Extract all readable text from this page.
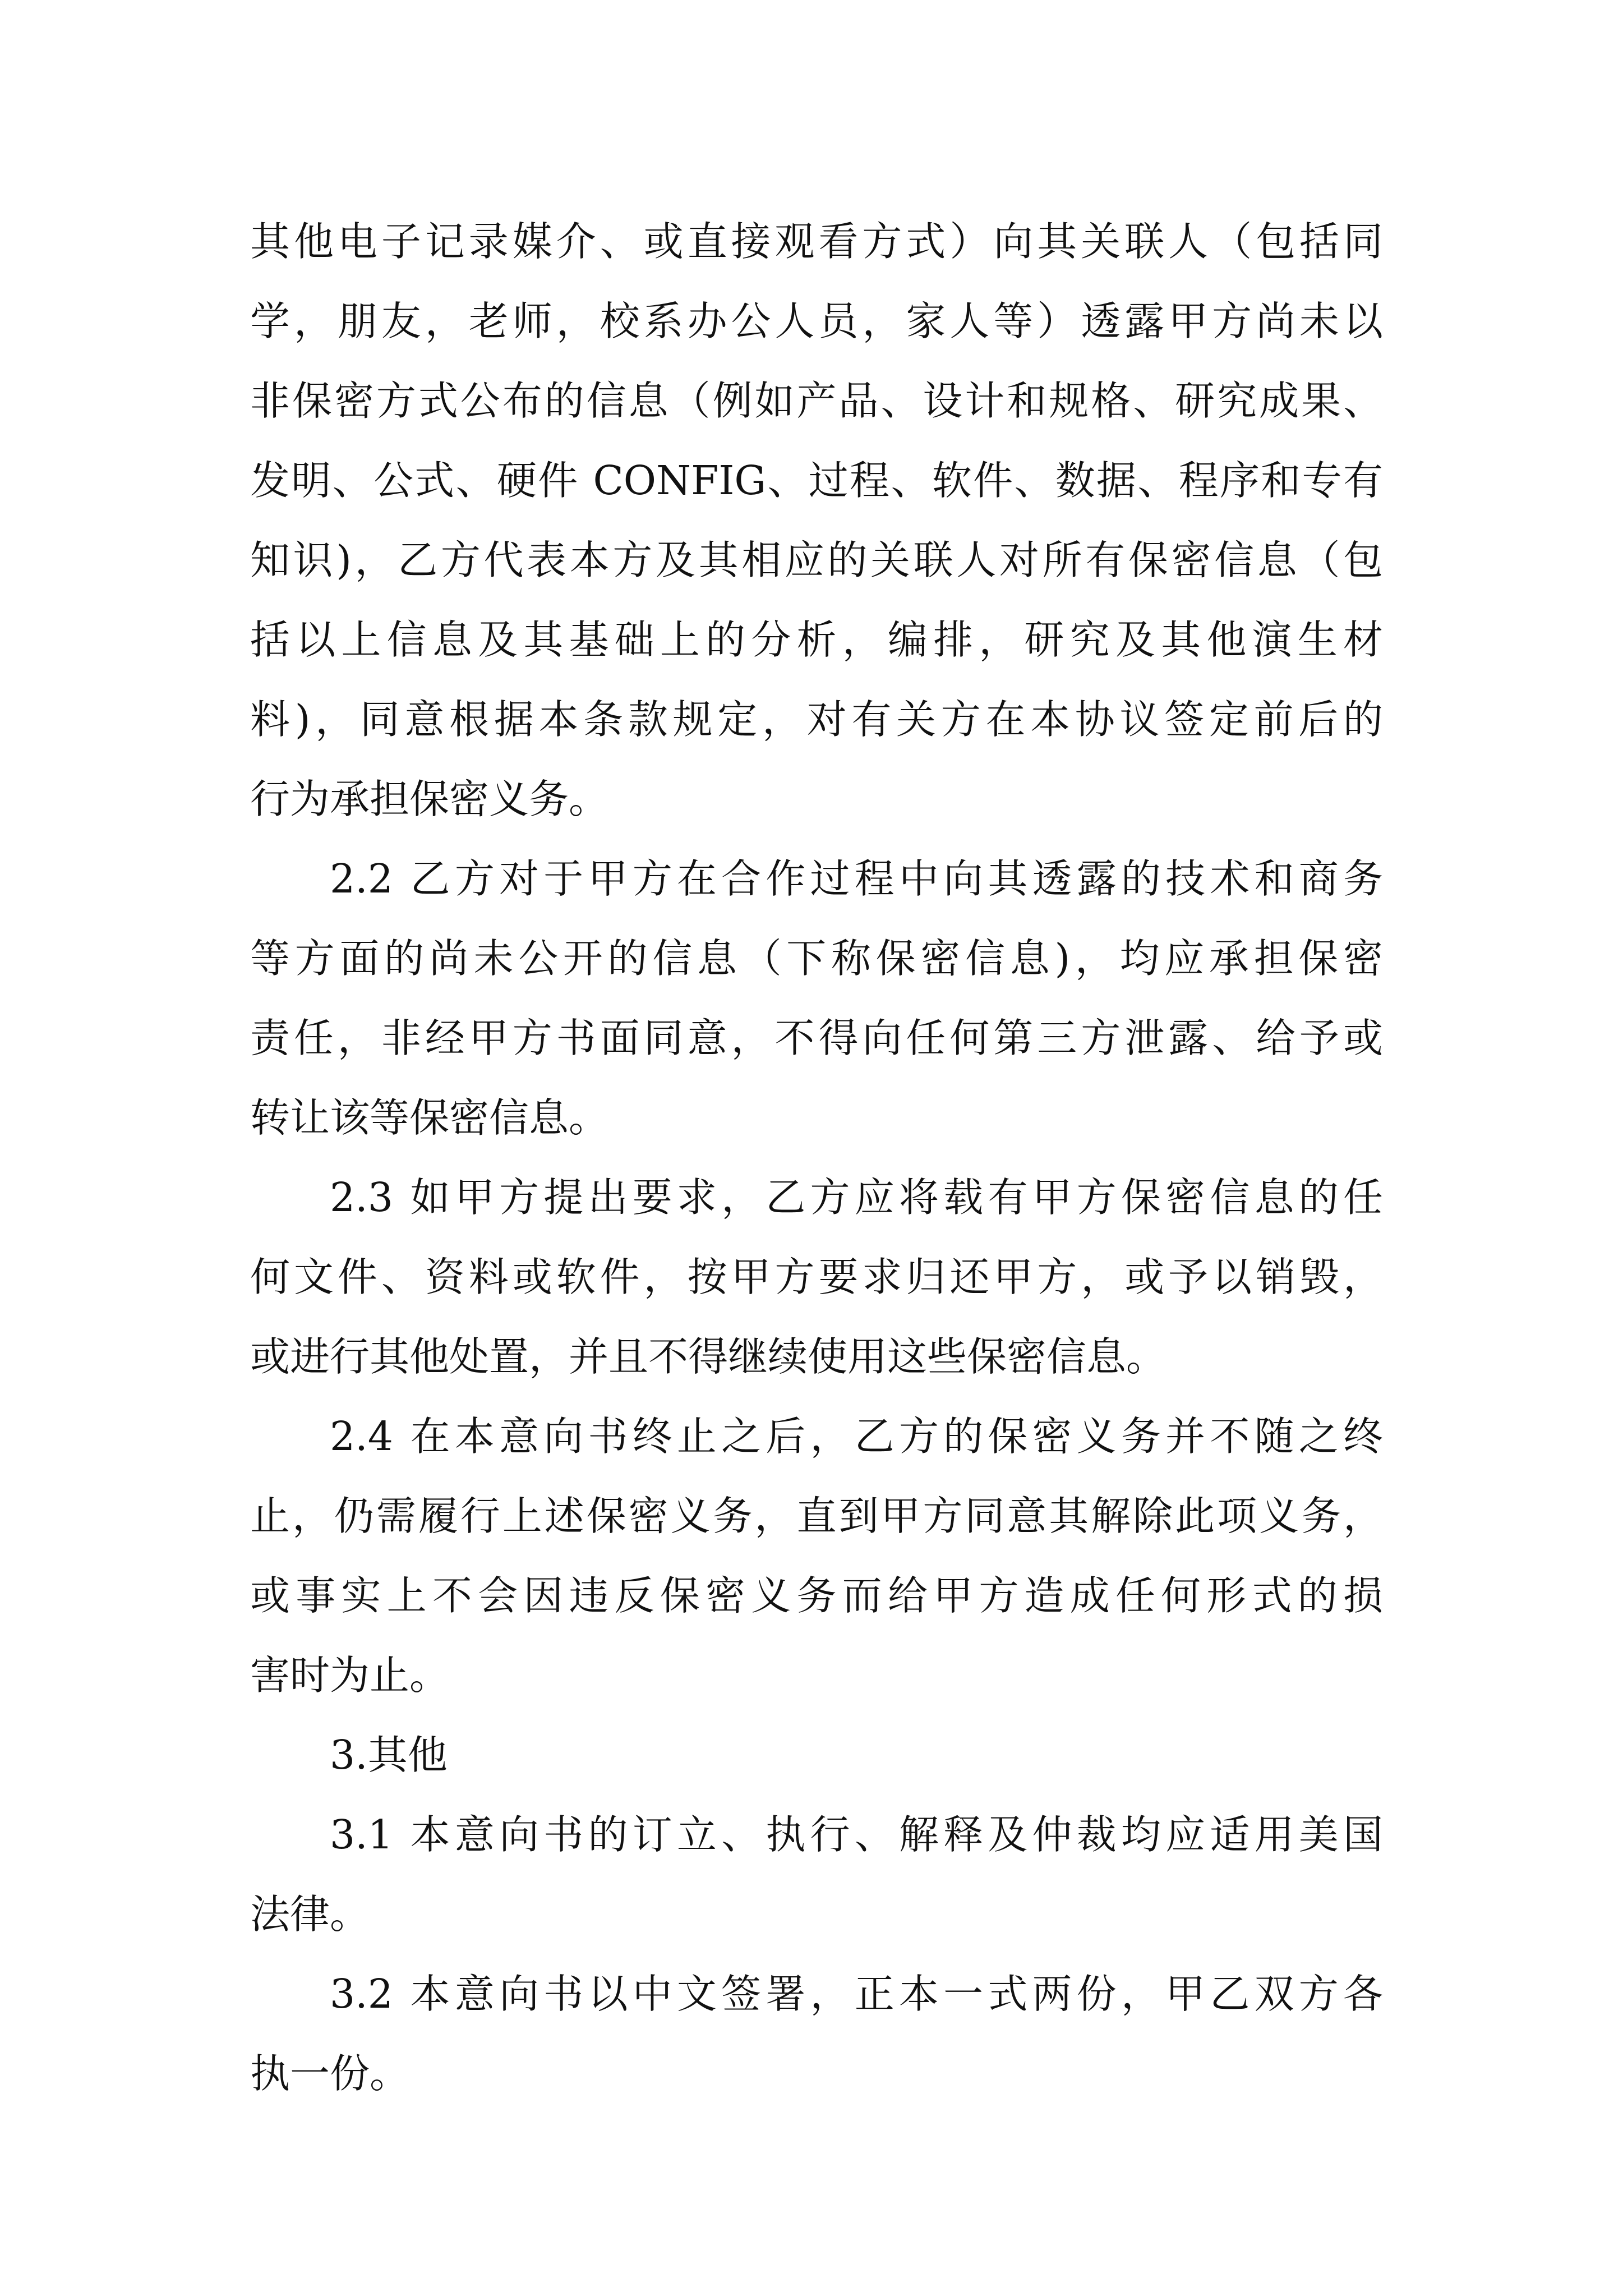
其他电子记录媒介、或直接观看方式）向其关联人（包括同
学，朋友，老师，校系办公人员，家人等）透露甲方尚未以
非保密方式公布的信息（例如产品、设计和规格、研究成果、
发明、公式、硬件 CONFIG、过程、软件、数据、程序和专有
知识)，乙方代表本方及其相应的关联人对所有保密信息（包
括以上信息及其基础上的分析，编排，研究及其他演生材
料)，同意根据本条款规定，对有关方在本协议签定前后的
行为承担保密义务。
2.2 乙方对于甲方在合作过程中向其透露的技术和商务
等方面的尚未公开的信息（下称保密信息)，均应承担保密
责任，非经甲方书面同意，不得向任何第三方泄露、给予或
转让该等保密信息。
2.3 如甲方提出要求，乙方应将载有甲方保密信息的任
何文件、资料或软件，按甲方要求归还甲方，或予以销毁，
或进行其他处置，并且不得继续使用这些保密信息。
2.4 在本意向书终止之后，乙方的保密义务并不随之终
止，仍需履行上述保密义务，直到甲方同意其解除此项义务，
或事实上不会因违反保密义务而给甲方造成任何形式的损
害时为止。
3.其他
3.1 本意向书的订立、执行、解释及仲裁均应适用美国
法律。
3.2 本意向书以中文签署，正本一式两份，甲乙双方各
执一份。
